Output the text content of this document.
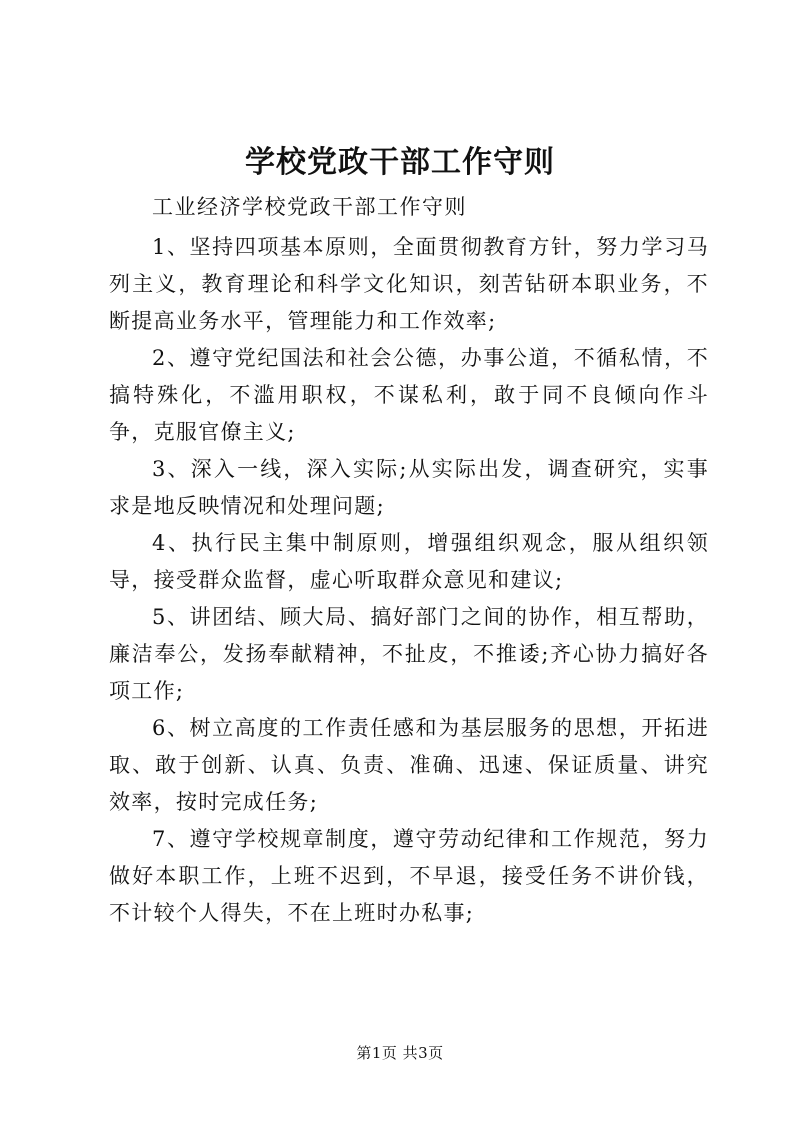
学校党政干部工作守则
工业经济学校党政干部工作守则

1、坚持四项基本原则，全面贯彻教育方针，努力学习马列主义，教育理论和科学文化知识，刻苦钻研本职业务，不断提高业务水平，管理能力和工作效率;

2、遵守党纪国法和社会公德，办事公道，不循私情，不搞特殊化，不滥用职权，不谋私利，敢于同不良倾向作斗争，克服官僚主义;

3、深入一线，深入实际;从实际出发，调查研究，实事求是地反映情况和处理问题;

4、执行民主集中制原则，增强组织观念，服从组织领导，接受群众监督，虚心听取群众意见和建议;

5、讲团结、顾大局、搞好部门之间的协作，相互帮助，廉洁奉公，发扬奉献精神，不扯皮，不推诿;齐心协力搞好各项工作;

6、树立高度的工作责任感和为基层服务的思想，开拓进取、敢于创新、认真、负责、准确、迅速、保证质量、讲究效率，按时完成任务;

7、遵守学校规章制度，遵守劳动纪律和工作规范，努力做好本职工作，上班不迟到，不早退，接受任务不讲价钱，不计较个人得失，不在上班时办私事;

第1页 共3页
